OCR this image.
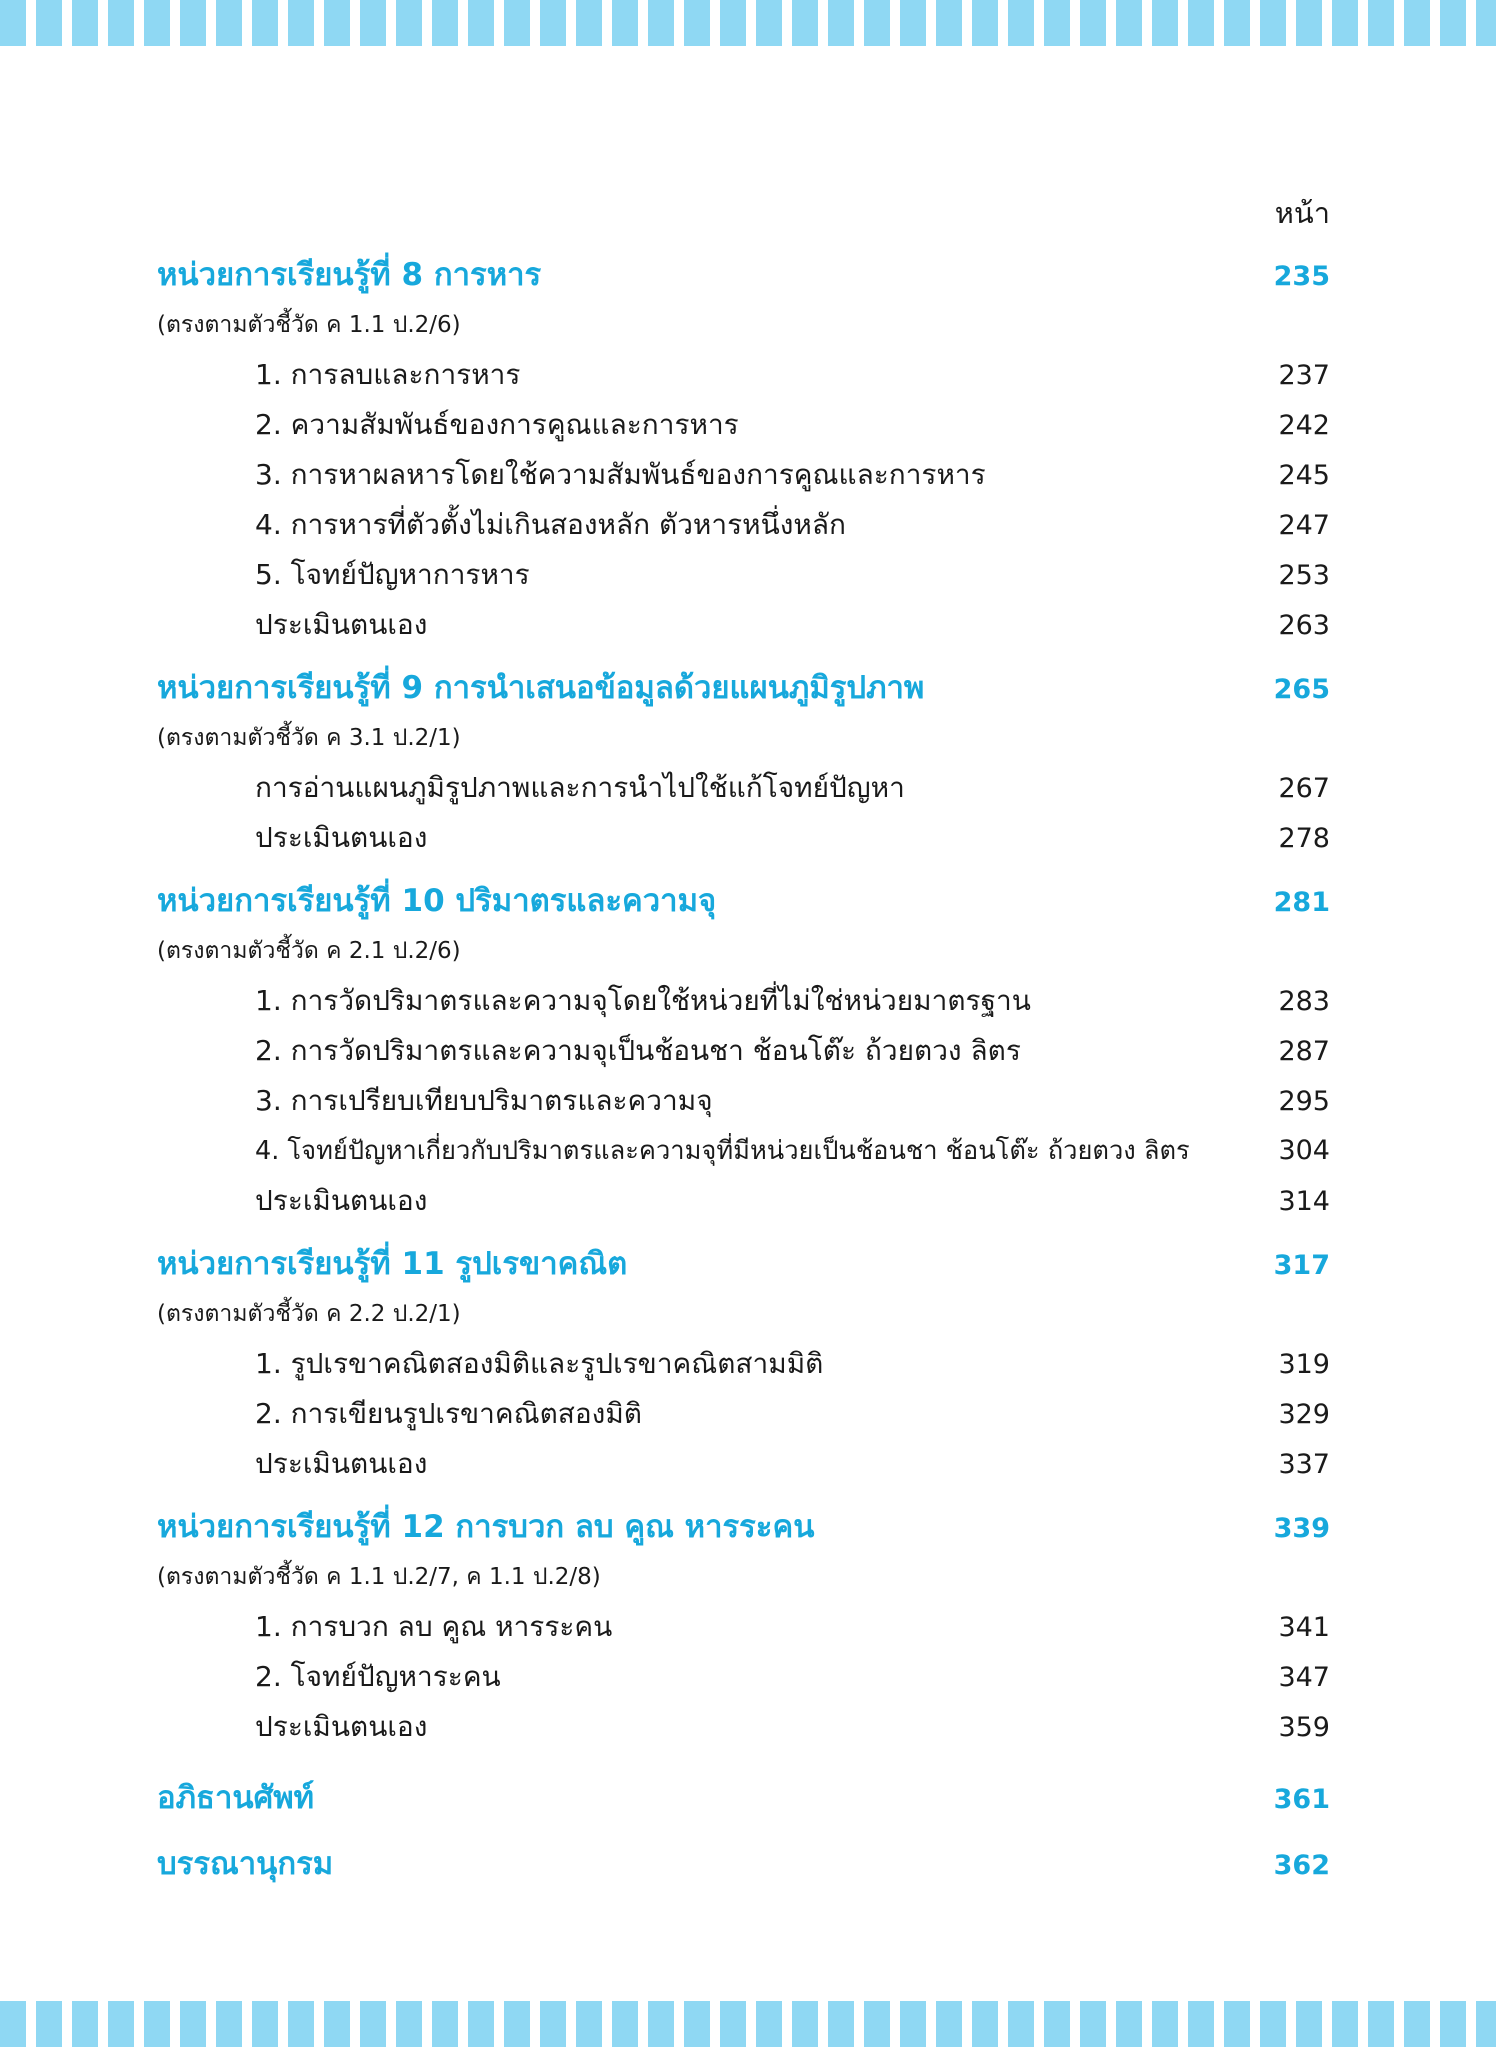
หน้า
หน่วยการเรียนรู้ที่ 8 การหาร	235
(ตรงตามตัวชี้วัด ค 1.1 ป.2/6)
1. การลบและการหาร	237
2. ความสัมพันธ์ของการคูณและการหาร	242
3. การหาผลหารโดยใช้ความสัมพันธ์ของการคูณและการหาร	245
4. การหารที่ตัวตั้งไม่เกินสองหลัก ตัวหารหนึ่งหลัก	247
5. โจทย์ปัญหาการหาร	253
ประเมินตนเอง	263
หน่วยการเรียนรู้ที่ 9 การนำเสนอข้อมูลด้วยแผนภูมิรูปภาพ	265
(ตรงตามตัวชี้วัด ค 3.1 ป.2/1)
การอ่านแผนภูมิรูปภาพและการนำไปใช้แก้โจทย์ปัญหา	267
ประเมินตนเอง	278
หน่วยการเรียนรู้ที่ 10 ปริมาตรและความจุ	281
(ตรงตามตัวชี้วัด ค 2.1 ป.2/6)
1. การวัดปริมาตรและความจุโดยใช้หน่วยที่ไม่ใช่หน่วยมาตรฐาน	283
2. การวัดปริมาตรและความจุเป็นช้อนชา ช้อนโต๊ะ ถ้วยตวง ลิตร	287
3. การเปรียบเทียบปริมาตรและความจุ	295
4. โจทย์ปัญหาเกี่ยวกับปริมาตรและความจุที่มีหน่วยเป็นช้อนชา ช้อนโต๊ะ ถ้วยตวง ลิตร	304
ประเมินตนเอง	314
หน่วยการเรียนรู้ที่ 11 รูปเรขาคณิต	317
(ตรงตามตัวชี้วัด ค 2.2 ป.2/1)
1. รูปเรขาคณิตสองมิติและรูปเรขาคณิตสามมิติ	319
2. การเขียนรูปเรขาคณิตสองมิติ	329
ประเมินตนเอง	337
หน่วยการเรียนรู้ที่ 12 การบวก ลบ คูณ หารระคน	339
(ตรงตามตัวชี้วัด ค 1.1 ป.2/7, ค 1.1 ป.2/8)
1. การบวก ลบ คูณ หารระคน	341
2. โจทย์ปัญหาระคน	347
ประเมินตนเอง	359
อภิธานศัพท์	361
บรรณานุกรม	362
